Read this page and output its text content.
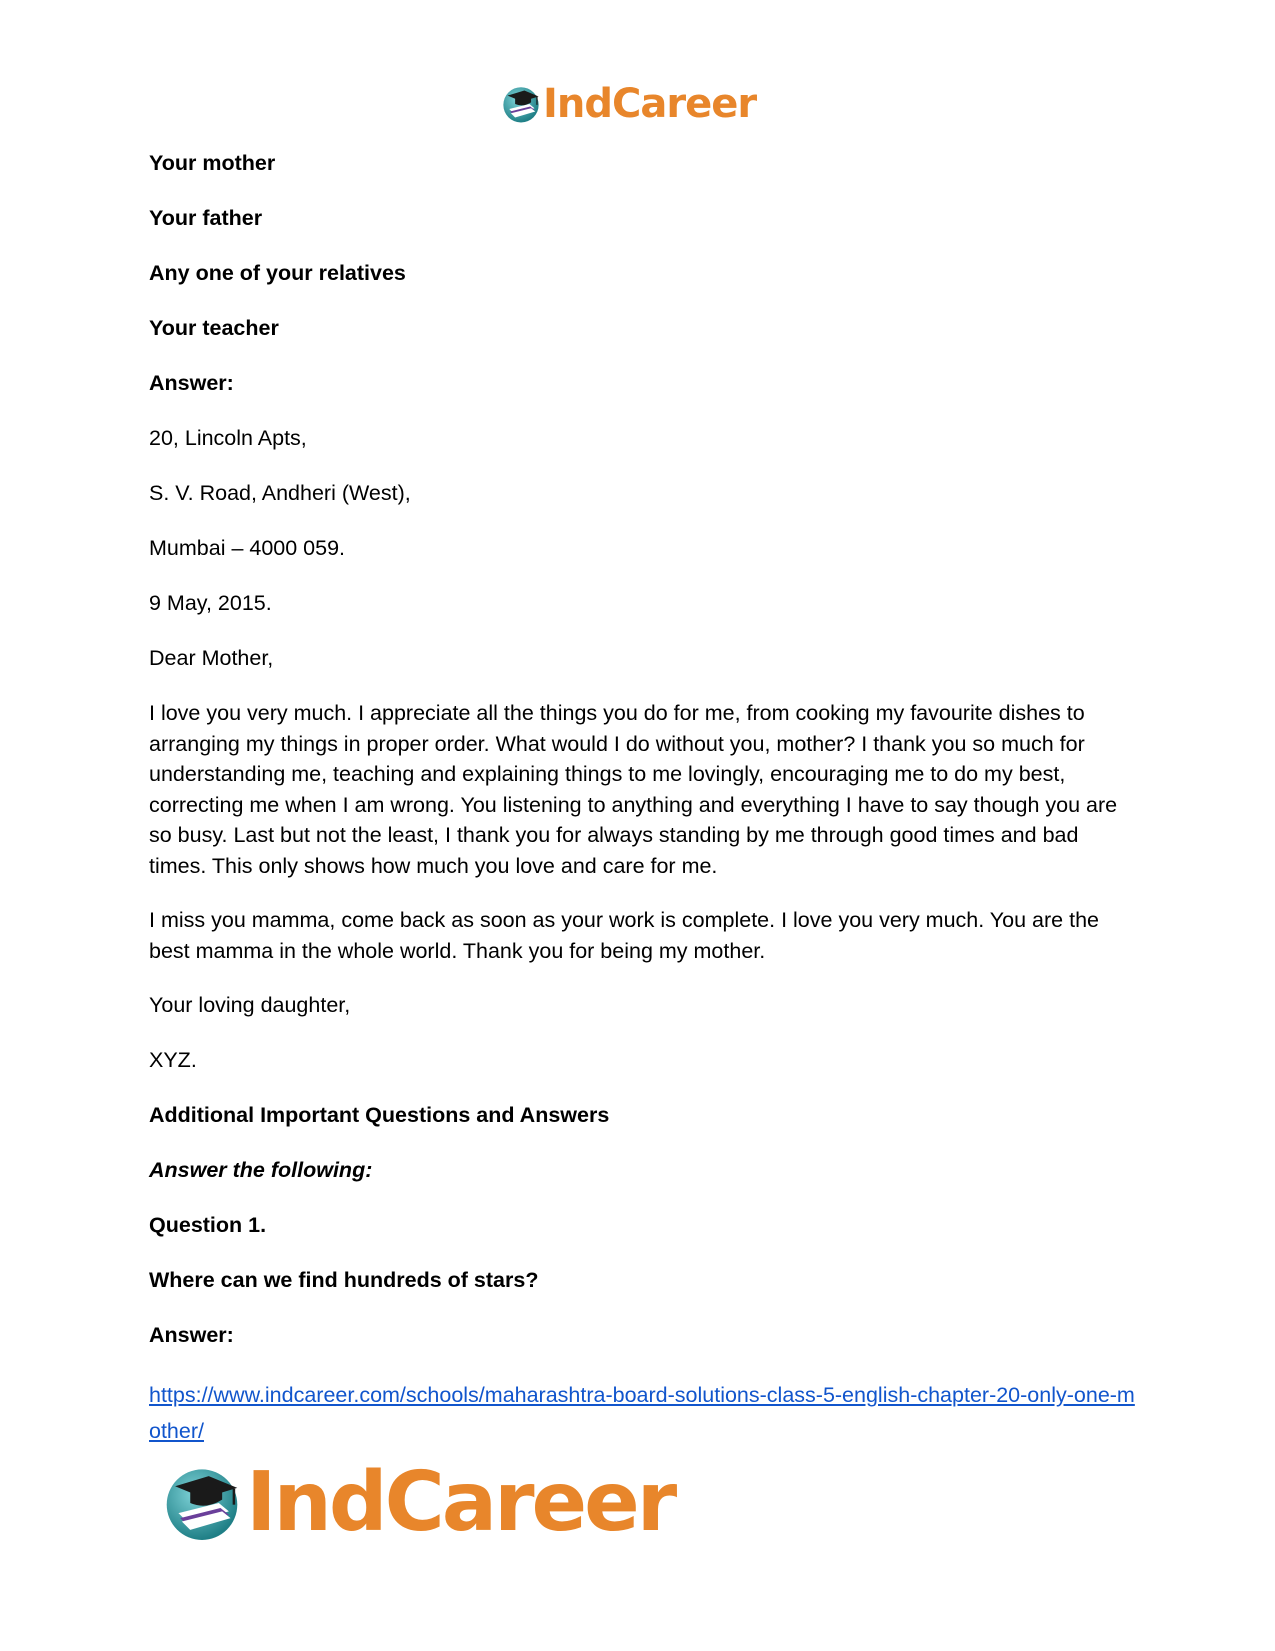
IndCareer

Your mother

Your father

Any one of your relatives

Your teacher

Answer:

20, Lincoln Apts,

S. V. Road, Andheri (West),

Mumbai – 4000 059.

9 May, 2015.

Dear Mother,

I love you very much. I appreciate all the things you do for me, from cooking my favourite dishes to arranging my things in proper order. What would I do without you, mother? I thank you so much for understanding me, teaching and explaining things to me lovingly, encouraging me to do my best, correcting me when I am wrong. You listening to anything and everything I have to say though you are so busy. Last but not the least, I thank you for always standing by me through good times and bad times. This only shows how much you love and care for me.

I miss you mamma, come back as soon as your work is complete. I love you very much. You are the best mamma in the whole world. Thank you for being my mother.

Your loving daughter,

XYZ.

Additional Important Questions and Answers

Answer the following:

Question 1.

Where can we find hundreds of stars?

Answer:

https://www.indcareer.com/schools/maharashtra-board-solutions-class-5-english-chapter-20-only-one-mother/
IndCareer
